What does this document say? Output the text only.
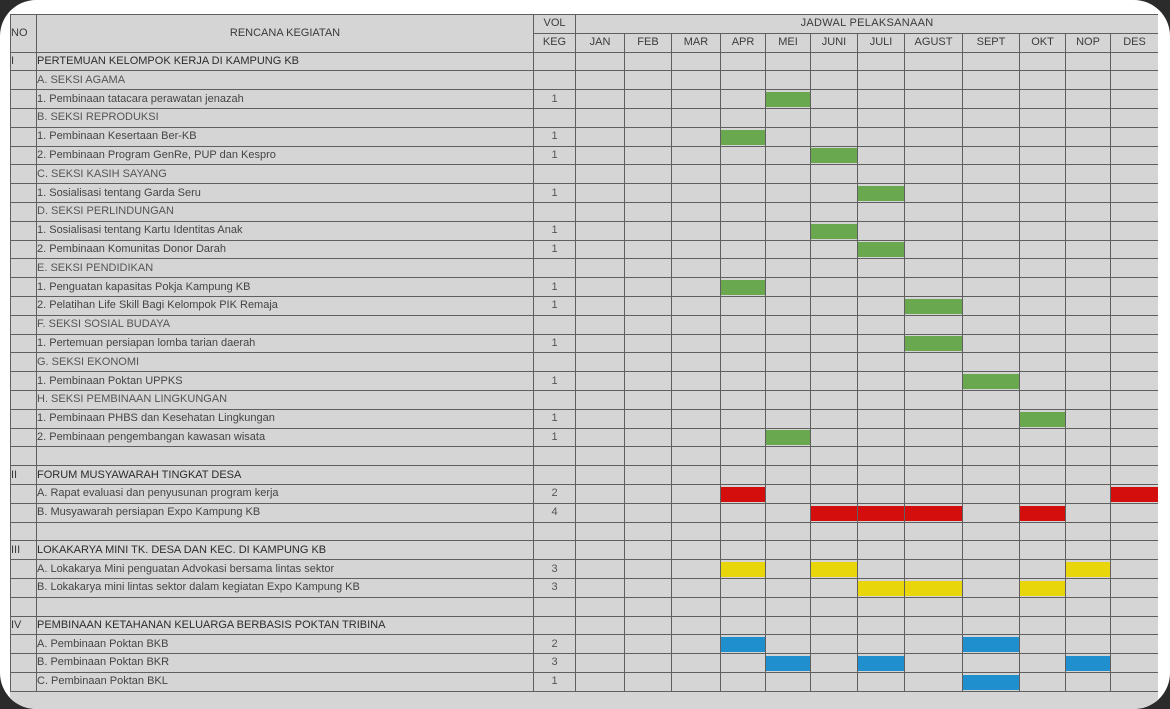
NO	RENCANA KEGIATAN	VOL	JADWAL PELAKSANAAN											
		KEG	JAN	FEB	MAR	APR	MEI	JUNI	JULI	AGUST	SEPT	OKT	NOP	DES
I	PERTEMUAN KELOMPOK KERJA DI KAMPUNG KB													
	A. SEKSI AGAMA													
	1. Pembinaan tatacara perawatan jenazah	1					

	B. SEKSI REPRODUKSI													
	1. Pembinaan Kesertaan Ber-KB	1				

	2. Pembinaan Program GenRe, PUP dan Kespro	1						

	C. SEKSI KASIH SAYANG													
	1. Sosialisasi tentang Garda Seru	1							

	D. SEKSI PERLINDUNGAN													
	1. Sosialisasi tentang Kartu Identitas Anak	1						

	2. Pembinaan Komunitas Donor Darah	1							

	E. SEKSI PENDIDIKAN													
	1. Penguatan kapasitas Pokja Kampung KB	1				

	2. Pelatihan Life Skill Bagi Kelompok PIK Remaja	1								

	F. SEKSI SOSIAL BUDAYA													
	1. Pertemuan persiapan lomba tarian daerah	1								

	G. SEKSI EKONOMI													
	1. Pembinaan Poktan UPPKS	1									

	H. SEKSI PEMBINAAN LINGKUNGAN													
	1. Pembinaan PHBS dan Kesehatan Lingkungan	1										

	2. Pembinaan pengembangan kawasan wisata	1					

II	FORUM MUSYAWARAH TINGKAT DESA													
	A. Rapat evaluasi dan penyusunan program kerja	2				

	B. Musyawarah persiapan Expo Kampung KB	4						

III	LOKAKARYA MINI TK. DESA DAN KEC. DI KAMPUNG KB													
	A. Lokakarya Mini penguatan Advokasi bersama lintas sektor	3				

	B. Lokakarya mini lintas sektor dalam kegiatan Expo Kampung KB	3							

IV	PEMBINAAN KETAHANAN KELUARGA BERBASIS POKTAN TRIBINA													
	A. Pembinaan Poktan BKB	2				

	B. Pembinaan Poktan BKR	3					

	C. Pembinaan Poktan BKL	1									
